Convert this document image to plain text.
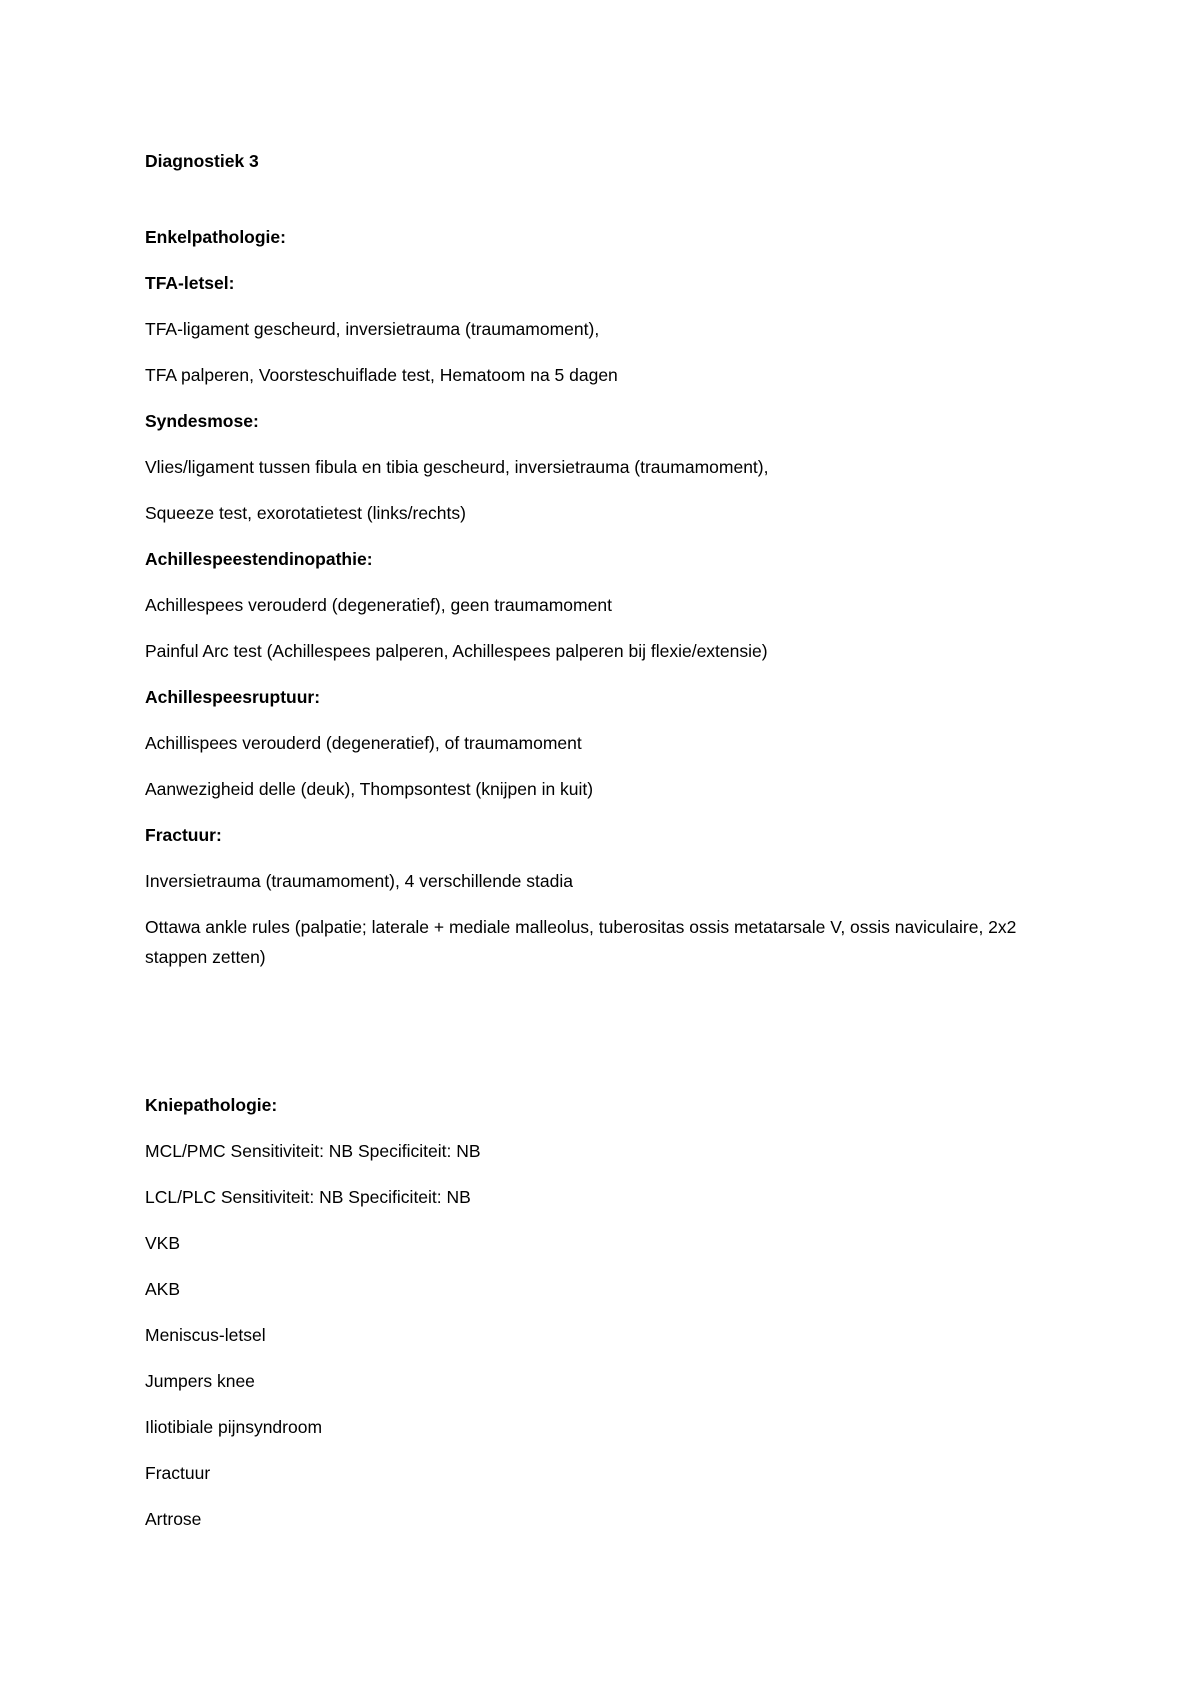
Diagnostiek 3
Enkelpathologie:
TFA-letsel:
TFA-ligament gescheurd, inversietrauma (traumamoment),
TFA palperen, Voorsteschuiflade test, Hematoom na 5 dagen
Syndesmose:
Vlies/ligament tussen fibula en tibia gescheurd, inversietrauma (traumamoment),
Squeeze test, exorotatietest (links/rechts)
Achillespeestendinopathie:
Achillespees verouderd (degeneratief), geen traumamoment
Painful Arc test (Achillespees palperen, Achillespees palperen bij flexie/extensie)
Achillespeesruptuur:
Achillispees verouderd (degeneratief), of traumamoment
Aanwezigheid delle (deuk), Thompsontest (knijpen in kuit)
Fractuur:
Inversietrauma (traumamoment), 4 verschillende stadia
Ottawa ankle rules (palpatie; laterale + mediale malleolus, tuberositas ossis metatarsale V, ossis naviculaire, 2x2 stappen zetten)
Kniepathologie:
MCL/PMC Sensitiviteit: NB Specificiteit: NB
LCL/PLC Sensitiviteit: NB Specificiteit: NB
VKB
AKB
Meniscus-letsel
Jumpers knee
Iliotibiale pijnsyndroom
Fractuur
Artrose
